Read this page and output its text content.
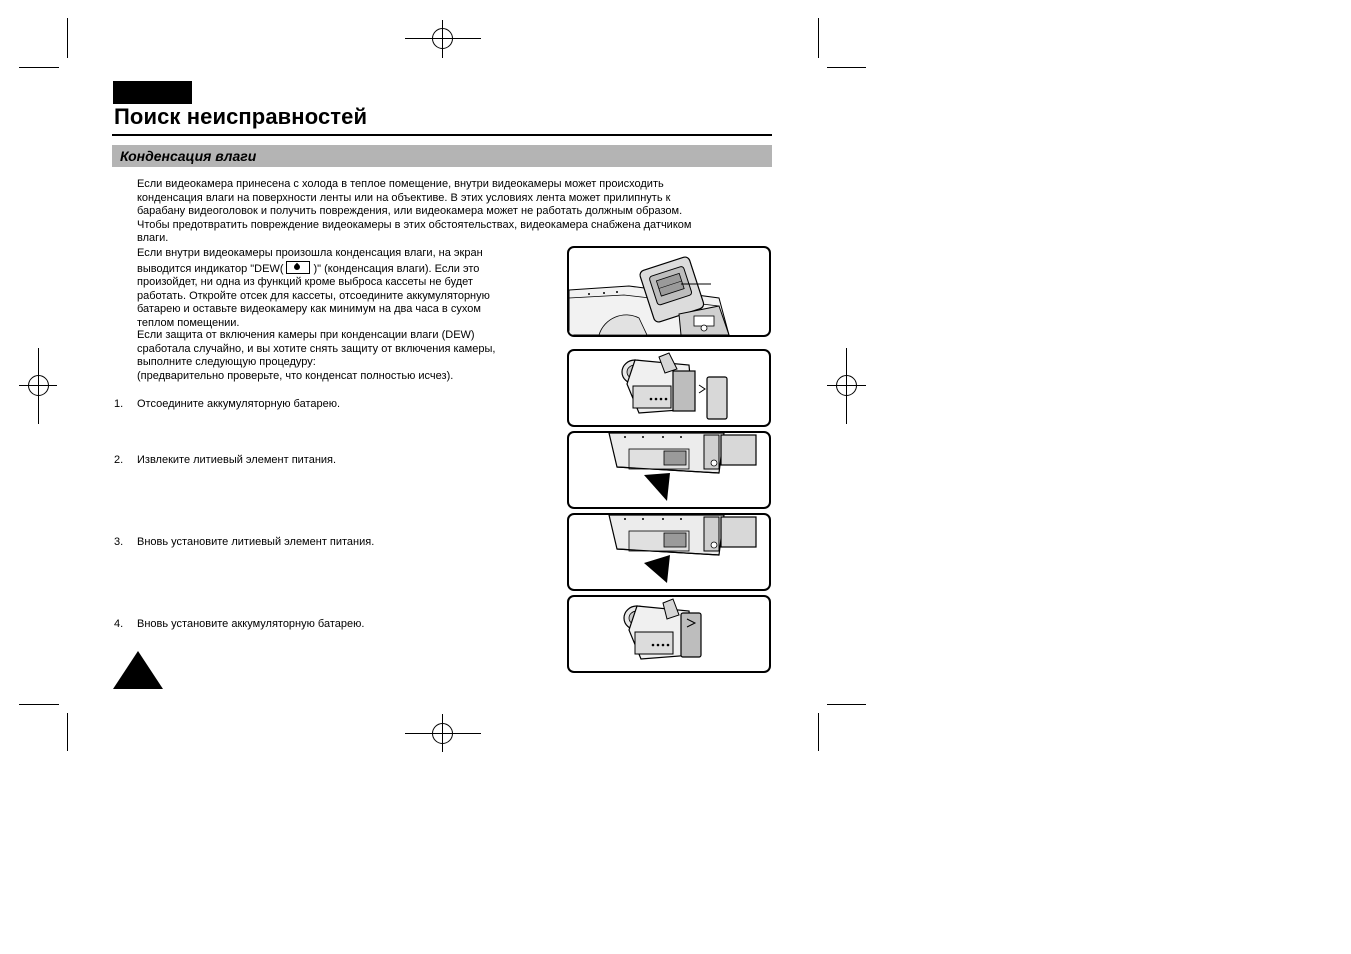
Поиск неисправностей
Конденсация влаги
Если видеокамера принесена с холода в теплое помещение, внутри видеокамеры может происходить
конденсация влаги на поверхности ленты или на объективе. В этих условиях лента может прилипнуть к
барабану видеоголовок и получить повреждения, или видеокамера может не работать должным образом.
Чтобы предотвратить повреждение видеокамеры в этих обстоятельствах, видеокамера снабжена датчиком
влаги.
Если внутри видеокамеры произошла конденсация влаги, на экран
выводится индикатор "DEW(	)" (конденсация влаги). Если это
произойдет, ни одна из функций кроме выброса кассеты не будет
работать. Откройте отсек для кассеты, отсоедините аккумуляторную
батарею и оставьте видеокамеру как минимум на два часа в сухом
теплом помещении.
Если защита от включения камеры при конденсации влаги (DEW)
сработала случайно, и вы хотите снять защиту от включения камеры,
выполните следующую процедуру:
(предварительно проверьте, что конденсат полностью исчез).
1. Отсоедините аккумуляторную батарею.
2. Извлеките литиевый элемент питания.
3. Вновь установите литиевый элемент питания.
4. Вновь установите аккумуляторную батарею.
